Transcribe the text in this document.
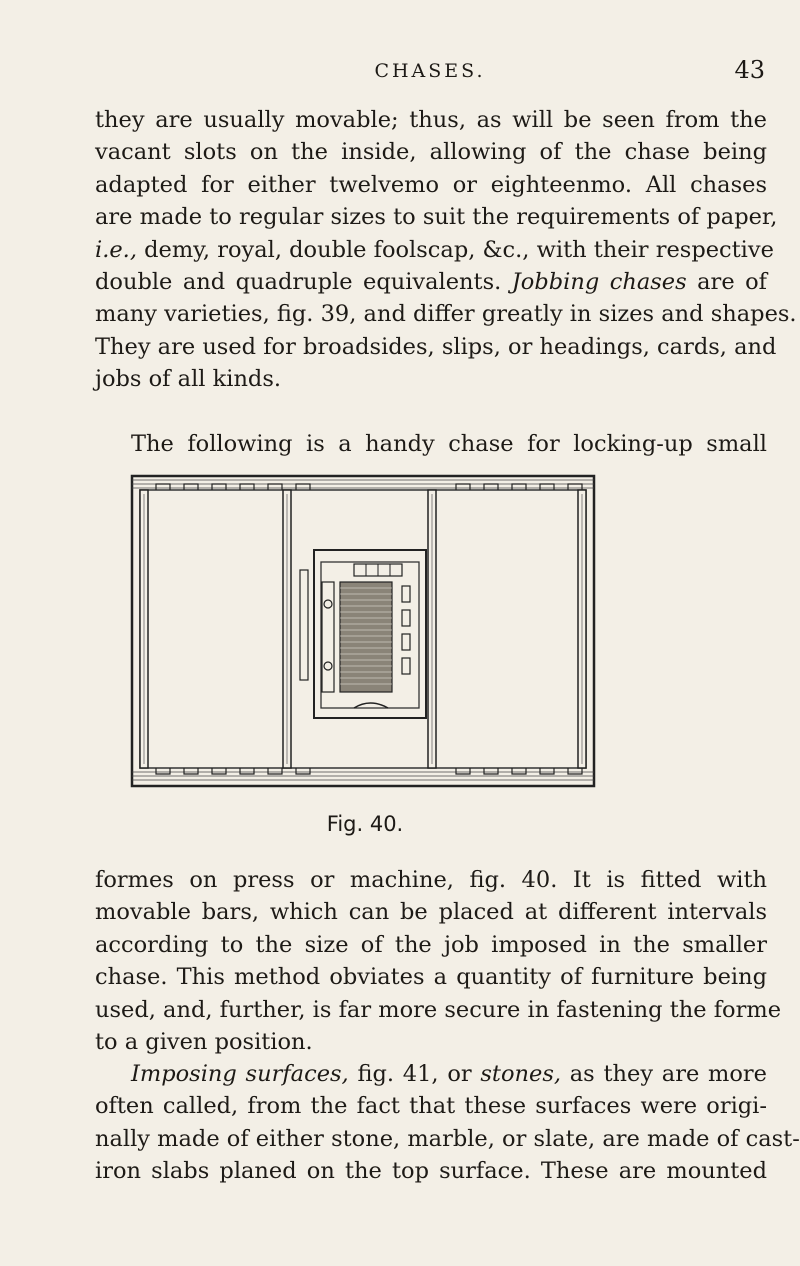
CHASES.	43

they are usually movable; thus, as will be seen from the
vacant slots on the inside, allowing of the chase being
adapted for either twelvemo or eighteenmo. All chases
are made to regular sizes to suit the requirements of paper,
i.e., demy, royal, double foolscap, &c., with their respective
double and quadruple equivalents. Jobbing chases are of
many varieties, fig. 39, and differ greatly in sizes and shapes.
They are used for broadsides, slips, or headings, cards, and
jobs of all kinds.

The following is a handy chase for locking-up small

Fig. 40.

formes on press or machine, fig. 40. It is fitted with
movable bars, which can be placed at different intervals
according to the size of the job imposed in the smaller
chase. This method obviates a quantity of furniture being
used, and, further, is far more secure in fastening the forme
to a given position.

Imposing surfaces, fig. 41, or stones, as they are more
often called, from the fact that these surfaces were origi-
nally made of either stone, marble, or slate, are made of cast-
iron slabs planed on the top surface. These are mounted
